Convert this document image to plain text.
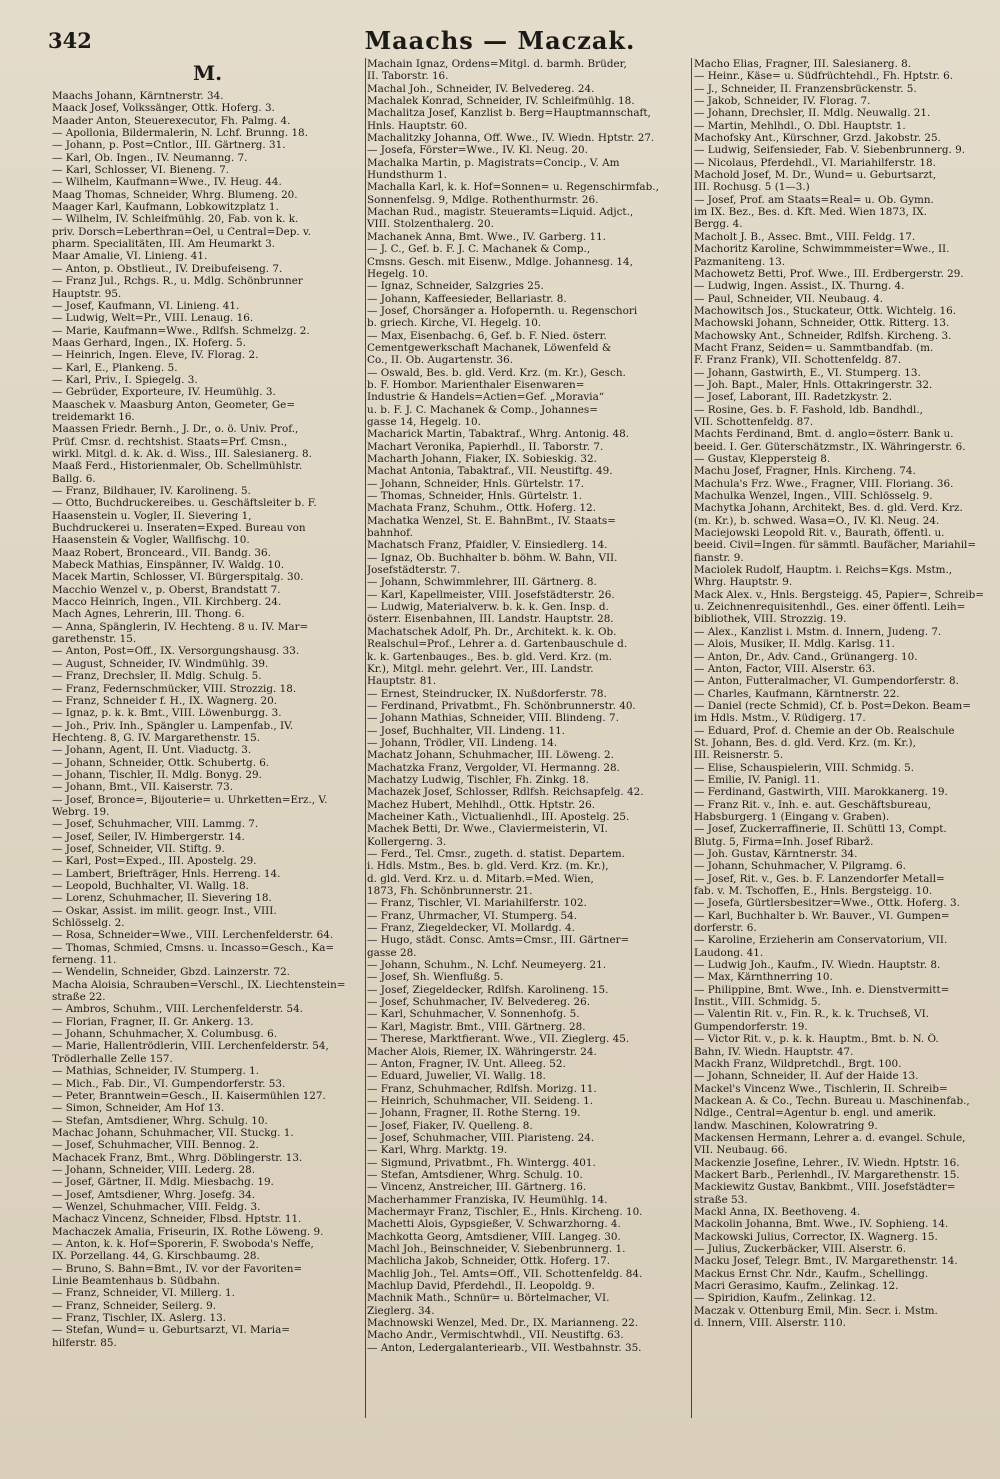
342	Maachs — Maczak.
M.
Maachs Johann, Kärntnerstr. 34.
Maack Josef, Volkssänger, Ottk. Hoferg. 3.
Maader Anton, Steuerexecutor, Fh. Palmg. 4.
— Apollonia, Bildermalerin, N. Lchf. Brunng. 18.
— Johann, p. Post=Cntlor., III. Gärtnerg. 31.
— Karl, Ob. Ingen., IV. Neumanng. 7.
— Karl, Schlosser, VI. Bieneng. 7.
— Wilhelm, Kaufmann=Wwe., IV. Heug. 44.
Maag Thomas, Schneider, Whrg. Blumeng. 20.
Maager Karl, Kaufmann, Lobkowitzplatz 1.
— Wilhelm, IV. Schleifmühlg. 20, Fab. von k. k.
priv. Dorsch=Leberthran=Oel, u Central=Dep. v.
pharm. Specialitäten, III. Am Heumarkt 3.
Maar Amalie, VI. Linieng. 41.
— Anton, p. Obstlieut., IV. Dreibufeiseng. 7.
— Franz Jul., Rchgs. R., u. Mdlg. Schönbrunner
Hauptstr. 95.
— Josef, Kaufmann, VI. Linieng. 41.
— Ludwig, Welt=Pr., VIII. Lenaug. 16.
— Marie, Kaufmann=Wwe., Rdlfsh. Schmelzg. 2.
Maas Gerhard, Ingen., IX. Hoferg. 5.
— Heinrich, Ingen. Eleve, IV. Florag. 2.
— Karl, E., Plankeng. 5.
— Karl, Priv., I. Spiegelg. 3.
— Gebrüder, Exporteure, IV. Heumühlg. 3.
Maaschek v. Maasburg Anton, Geometer, Ge=
treidemarkt 16.
Maassen Friedr. Bernh., J. Dr., o. ö. Univ. Prof.,
Prüf. Cmsr. d. rechtshist. Staats=Prf. Cmsn.,
wirkl. Mitgl. d. k. Ak. d. Wiss., III. Salesianerg. 8.
Maaß Ferd., Historienmaler, Ob. Schellmühlstr.
Ballg. 6.
— Franz, Bildhauer, IV. Karolineng. 5.
— Otto, Buchdruckereibes. u. Geschäftsleiter b. F.
Haasenstein u. Vogler, II. Sievering 1,
Buchdruckerei u. Inseraten=Exped. Bureau von
Haasenstein & Vogler, Wallfischg. 10.
Maaz Robert, Bronceard., VII. Bandg. 36.
Mabeck Mathias, Einspänner, IV. Waldg. 10.
Macek Martin, Schlosser, VI. Bürgerspitalg. 30.
Macchio Wenzel v., p. Oberst, Brandstatt 7.
Macco Heinrich, Ingen., VII. Kirchberg. 24.
Mach Agnes, Lehrerin, III. Thong. 6.
— Anna, Spänglerin, IV. Hechteng. 8 u. IV. Mar=
garethenstr. 15.
— Anton, Post=Off., IX. Versorgungshausg. 33.
— August, Schneider, IV. Windmühlg. 39.
— Franz, Drechsler, II. Mdlg. Schulg. 5.
— Franz, Federnschmücker, VIII. Strozzig. 18.
— Franz, Schneider f. H., IX. Wagnerg. 20.
— Ignaz, p. k. k. Bmt., VIII. Löwenburgg. 3.
— Joh., Priv. Inh., Spängler u. Lampenfab., IV.
Hechteng. 8, G. IV. Margarethenstr. 15.
— Johann, Agent, II. Unt. Viaductg. 3.
— Johann, Schneider, Ottk. Schubertg. 6.
— Johann, Tischler, II. Mdlg. Bonyg. 29.
— Johann, Bmt., VII. Kaiserstr. 73.
— Josef, Bronce=, Bijouterie= u. Uhrketten=Erz., V.
Webrg. 19.
— Josef, Schuhmacher, VIII. Lammg. 7.
— Josef, Seiler, IV. Himbergerstr. 14.
— Josef, Schneider, VII. Stiftg. 9.
— Karl, Post=Exped., III. Apostelg. 29.
— Lambert, Briefträger, Hnls. Herreng. 14.
— Leopold, Buchhalter, VI. Wallg. 18.
— Lorenz, Schuhmacher, II. Sievering 18.
— Oskar, Assist. im milit. geogr. Inst., VIII.
Schlösselg. 2.
— Rosa, Schneider=Wwe., VIII. Lerchenfelderstr. 64.
— Thomas, Schmied, Cmsns. u. Incasso=Gesch., Ka=
ferneng. 11.
— Wendelin, Schneider, Gbzd. Lainzerstr. 72.
Macha Aloisia, Schrauben=Verschl., IX. Liechtenstein=
straße 22.
— Ambros, Schuhm., VIII. Lerchenfelderstr. 54.
— Florian, Fragner, II. Gr. Ankerg. 13.
— Johann, Schuhmacher, X. Columbusg. 6.
— Marie, Hallentrödlerin, VIII. Lerchenfelderstr. 54,
Trödlerhalle Zelle 157.
— Mathias, Schneider, IV. Stumperg. 1.
— Mich., Fab. Dir., VI. Gumpendorferstr. 53.
— Peter, Branntwein=Gesch., II. Kaisermühlen 127.
— Simon, Schneider, Am Hof 13.
— Stefan, Amtsdiener, Whrg. Schulg. 10.
Machac Johann, Schuhmacher, VII. Stuckg. 1.
— Josef, Schuhmacher, VIII. Bennog. 2.
Machacek Franz, Bmt., Whrg. Döblingerstr. 13.
— Johann, Schneider, VIII. Lederg. 28.
— Josef, Gärtner, II. Mdlg. Miesbachg. 19.
— Josef, Amtsdiener, Whrg. Josefg. 34.
— Wenzel, Schuhmacher, VIII. Feldg. 3.
Machacz Vincenz, Schneider, Flbsd. Hptstr. 11.
Machaczek Amalia, Friseurin, IX. Rothe Löweng. 9.
— Anton, k. k. Hof=Sporerin, F. Swoboda's Neffe,
IX. Porzellang. 44, G. Kirschbaumg. 28.
— Bruno, S. Bahn=Bmt., IV. vor der Favoriten=
Linie Beamtenhaus b. Südbahn.
— Franz, Schneider, VI. Millerg. 1.
— Franz, Schneider, Seilerg. 9.
— Franz, Tischler, IX. Aslerg. 13.
— Stefan, Wund= u. Geburtsarzt, VI. Maria=
hilferstr. 85.
Machain Ignaz, Ordens=Mitgl. d. barmh. Brüder,
II. Taborstr. 16.
Machal Joh., Schneider, IV. Belvedereg. 24.
Machalek Konrad, Schneider, IV. Schleifmühlg. 18.
Machalitza Josef, Kanzlist b. Berg=Hauptmannschaft,
Hnls. Hauptstr. 60.
Machalitzky Johanna, Off. Wwe., IV. Wiedn. Hptstr. 27.
— Josefa, Förster=Wwe., IV. Kl. Neug. 20.
Machalka Martin, p. Magistrats=Concip., V. Am
Hundsthurm 1.
Machalla Karl, k. k. Hof=Sonnen= u. Regenschirmfab.,
Sonnenfelsg. 9, Mdlge. Rothenthurmstr. 26.
Machan Rud., magistr. Steueramts=Liquid. Adjct.,
VIII. Stolzenthalerg. 20.
Machanek Anna, Bmt. Wwe., IV. Garberg. 11.
— J. C., Gef. b. F. J. C. Machanek & Comp.,
Cmsns. Gesch. mit Eisenw., Mdlge. Johannesg. 14,
Hegelg. 10.
— Ignaz, Schneider, Salzgries 25.
— Johann, Kaffeesieder, Bellariastr. 8.
— Josef, Chorsänger a. Hofopernth. u. Regenschori
b. griech. Kirche, VI. Hegelg. 10.
— Max, Eisenbachg. 6, Gef. b. F. Nied. österr.
Cementgewerkschaft Machanek, Löwenfeld &
Co., II. Ob. Augartenstr. 36.
— Oswald, Bes. b. gld. Verd. Krz. (m. Kr.), Gesch.
b. F. Hombor. Marienthaler Eisenwaren=
Industrie & Handels=Actien=Gef. „Moravia“
u. b. F. J. C. Machanek & Comp., Johannes=
gasse 14, Hegelg. 10.
Macharick Martin, Tabaktraf., Whrg. Antonig. 48.
Machart Veronika, Papierhdl., II. Taborstr. 7.
Macharth Johann, Fiaker, IX. Sobieskig. 32.
Machat Antonia, Tabaktraf., VII. Neustiftg. 49.
— Johann, Schneider, Hnls. Gürtelstr. 17.
— Thomas, Schneider, Hnls. Gürtelstr. 1.
Machata Franz, Schuhm., Ottk. Hoferg. 12.
Machatka Wenzel, St. E. BahnBmt., IV. Staats=
bahnhof.
Machatsch Franz, Pfaidler, V. Einsiedlerg. 14.
— Ignaz, Ob. Buchhalter b. böhm. W. Bahn, VII.
Josefstädterstr. 7.
— Johann, Schwimmlehrer, III. Gärtnerg. 8.
— Karl, Kapellmeister, VIII. Josefstädterstr. 26.
— Ludwig, Materialverw. b. k. k. Gen. Insp. d.
österr. Eisenbahnen, III. Landstr. Hauptstr. 28.
Machatschek Adolf, Ph. Dr., Architekt. k. k. Ob.
Realschul=Prof., Lehrer a. d. Gartenbauschule d.
k. k. Gartenbauges., Bes. b. gld. Verd. Krz. (m.
Kr.), Mitgl. mehr. gelehrt. Ver., III. Landstr.
Hauptstr. 81.
— Ernest, Steindrucker, IX. Nußdorferstr. 78.
— Ferdinand, Privatbmt., Fh. Schönbrunnerstr. 40.
— Johann Mathias, Schneider, VIII. Blindeng. 7.
— Josef, Buchhalter, VII. Lindeng. 11.
— Johann, Trödler, VII. Lindeng. 14.
Machatz Johann, Schuhmacher, III. Löweng. 2.
Machatzka Franz, Vergolder, VI. Hermanng. 28.
Machatzy Ludwig, Tischler, Fh. Zinkg. 18.
Machazek Josef, Schlosser, Rdlfsh. Reichsapfelg. 42.
Machez Hubert, Mehlhdl., Ottk. Hptstr. 26.
Macheiner Kath., Victualienhdl., III. Apostelg. 25.
Machek Betti, Dr. Wwe., Claviermeisterin, VI.
Kollergerng. 3.
— Ferd., Tel. Cmsr., zugeth. d. statist. Departem.
i. Hdls. Mstm., Bes. b. gld. Verd. Krz. (m. Kr.),
d. gld. Verd. Krz. u. d. Mitarb.=Med. Wien,
1873, Fh. Schönbrunnerstr. 21.
— Franz, Tischler, VI. Mariahilferstr. 102.
— Franz, Uhrmacher, VI. Stumperg. 54.
— Franz, Ziegeldecker, VI. Mollardg. 4.
— Hugo, städt. Consc. Amts=Cmsr., III. Gärtner=
gasse 28.
— Johann, Schuhm., N. Lchf. Neumeyerg. 21.
— Josef, Sh. Wienflußg. 5.
— Josef, Ziegeldecker, Rdlfsh. Karolineng. 15.
— Josef, Schuhmacher, IV. Belvedereg. 26.
— Karl, Schuhmacher, V. Sonnenhofg. 5.
— Karl, Magistr. Bmt., VIII. Gärtnerg. 28.
— Therese, Marktfierant. Wwe., VII. Zieglerg. 45.
Macher Alois, Riemer, IX. Währingerstr. 24.
— Anton, Fragner, IV. Unt. Alleeg. 52.
— Eduard, Juwelier, VI. Wallg. 18.
— Franz, Schuhmacher, Rdlfsh. Morizg. 11.
— Heinrich, Schuhmacher, VII. Seideng. 1.
— Johann, Fragner, II. Rothe Sterng. 19.
— Josef, Fiaker, IV. Quelleng. 8.
— Josef, Schuhmacher, VIII. Piaristeng. 24.
— Karl, Whrg. Marktg. 19.
— Sigmund, Privatbmt., Fh. Wintergg. 401.
— Stefan, Amtsdiener, Whrg. Schulg. 10.
— Vincenz, Anstreicher, III. Gärtnerg. 16.
Macherhammer Franziska, IV. Heumühlg. 14.
Machermayr Franz, Tischler, E., Hnls. Kircheng. 10.
Machetti Alois, Gypsgießer, V. Schwarzhorng. 4.
Machkotta Georg, Amtsdiener, VIII. Langeg. 30.
Machl Joh., Beinschneider, V. Siebenbrunnerg. 1.
Machlicha Jakob, Schneider, Ottk. Hoferg. 17.
Machlig Joh., Tel. Amts=Off., VII. Schottenfeldg. 84.
Machlup David, Pferdehdl., II. Leopoldg. 9.
Machnik Math., Schnür= u. Börtelmacher, VI.
Zieglerg. 34.
Machnowski Wenzel, Med. Dr., IX. Marianneng. 22.
Macho Andr., Vermischtwhdl., VII. Neustiftg. 63.
— Anton, Ledergalanteriearb., VII. Westbahnstr. 35.
Macho Elias, Fragner, III. Salesianerg. 8.
— Heinr., Käse= u. Südfrüchtehdl., Fh. Hptstr. 6.
— J., Schneider, II. Franzensbrückenstr. 5.
— Jakob, Schneider, IV. Florag. 7.
— Johann, Drechsler, II. Mdlg. Neuwallg. 21.
— Martin, Mehlhdl., O. Dbl. Hauptstr. 1.
Machofsky Ant., Kürschner, Grzd. Jakobstr. 25.
— Ludwig, Seifensieder, Fab. V. Siebenbrunnerg. 9.
— Nicolaus, Pferdehdl., VI. Mariahilferstr. 18.
Machold Josef, M. Dr., Wund= u. Geburtsarzt,
III. Rochusg. 5 (1—3.)
— Josef, Prof. am Staats=Real= u. Ob. Gymn.
im IX. Bez., Bes. d. Kft. Med. Wien 1873, IX.
Bergg. 4.
Macholt J. B., Assec. Bmt., VIII. Feldg. 17.
Machoritz Karoline, Schwimmmeister=Wwe., II.
Pazmaniteng. 13.
Machowetz Betti, Prof. Wwe., III. Erdbergerstr. 29.
— Ludwig, Ingen. Assist., IX. Thurng. 4.
— Paul, Schneider, VII. Neubaug. 4.
Machowitsch Jos., Stuckateur, Ottk. Wichtelg. 16.
Machowski Johann, Schneider, Ottk. Ritterg. 13.
Machowsky Ant., Schneider, Rdlfsh. Kircheng. 3.
Macht Franz, Seiden= u. Sammtbandfab. (m.
F. Franz Frank), VII. Schottenfeldg. 87.
— Johann, Gastwirth, E., VI. Stumperg. 13.
— Joh. Bapt., Maler, Hnls. Ottakringerstr. 32.
— Josef, Laborant, III. Radetzkystr. 2.
— Rosine, Ges. b. F. Fashold, ldb. Bandhdl.,
VII. Schottenfeldg. 87.
Machts Ferdinand, Bmt. d. anglo=österr. Bank u.
beeid. I. Ger. Güterschätzmstr., IX. Währingerstr. 6.
— Gustav, Kleppersteig 8.
Machu Josef, Fragner, Hnls. Kircheng. 74.
Machula's Frz. Wwe., Fragner, VIII. Floriang. 36.
Machulka Wenzel, Ingen., VIII. Schlösselg. 9.
Machytka Johann, Architekt, Bes. d. gld. Verd. Krz.
(m. Kr.), b. schwed. Wasa=O., IV. Kl. Neug. 24.
Maciejowski Leopold Rit. v., Baurath, öffentl. u.
beeid. Civil=Ingen. für sämmtl. Baufächer, Mariahil=
fianstr. 9.
Maciolek Rudolf, Hauptm. i. Reichs=Kgs. Mstm.,
Whrg. Hauptstr. 9.
Mack Alex. v., Hnls. Bergsteigg. 45, Papier=, Schreib=
u. Zeichnenrequisitenhdl., Ges. einer öffentl. Leih=
bibliothek, VIII. Strozzig. 19.
— Alex., Kanzlist i. Mstm. d. Innern, Judeng. 7.
— Alois, Musiker, II. Mdlg. Karlsg. 11.
— Anton, Dr., Adv. Cand., Grünangerg. 10.
— Anton, Factor, VIII. Alserstr. 63.
— Anton, Futteralmacher, VI. Gumpendorferstr. 8.
— Charles, Kaufmann, Kärntnerstr. 22.
— Daniel (recte Schmid), Cf. b. Post=Dekon. Beam=
im Hdls. Mstm., V. Rüdigerg. 17.
— Eduard, Prof. d. Chemie an der Ob. Realschule
St. Johann, Bes. d. gld. Verd. Krz. (m. Kr.),
III. Reisnerstr. 5.
— Elise, Schauspielerin, VIII. Schmidg. 5.
— Emilie, IV. Panigl. 11.
— Ferdinand, Gastwirth, VIII. Marokkanerg. 19.
— Franz Rit. v., Inh. e. aut. Geschäftsbureau,
Habsburgerg. 1 (Eingang v. Graben).
— Josef, Zuckerraffinerie, II. Schüttl 13, Compt.
Blutg. 5, Firma=Inh. Josef Ribarž.
— Joh. Gustav, Kärntnerstr. 34.
— Johann, Schuhmacher, V. Pilgramg. 6.
— Josef, Rit. v., Ges. b. F. Lanzendorfer Metall=
fab. v. M. Tschoffen, E., Hnls. Bergsteigg. 10.
— Josefa, Gürtlersbesitzer=Wwe., Ottk. Hoferg. 3.
— Karl, Buchhalter b. Wr. Bauver., VI. Gumpen=
dorferstr. 6.
— Karoline, Erzieherin am Conservatorium, VII.
Laudong. 41.
— Ludwig Joh., Kaufm., IV. Wiedn. Hauptstr. 8.
— Max, Kärnthnerring 10.
— Philippine, Bmt. Wwe., Inh. e. Dienstvermitt=
Instit., VIII. Schmidg. 5.
— Valentin Rit. v., Fin. R., k. k. Truchseß, VI.
Gumpendorferstr. 19.
— Victor Rit. v., p. k. k. Hauptm., Bmt. b. N. Ö.
Bahn, IV. Wiedn. Hauptstr. 47.
Mackh Franz, Wildpretchdl., Brgt. 100.
— Johann, Schneider, II. Auf der Haide 13.
Mackel's Vincenz Wwe., Tischlerin, II. Schreib=
Mackean A. & Co., Techn. Bureau u. Maschinenfab.,
Ndlge., Central=Agentur b. engl. und amerik.
landw. Maschinen, Kolowratring 9.
Mackensen Hermann, Lehrer a. d. evangel. Schule,
VII. Neubaug. 66.
Mackenzie Josefine, Lehrer., IV. Wiedn. Hptstr. 16.
Mackert Barb., Perlenhdl., IV. Margarethenstr. 15.
Mackiewitz Gustav, Bankbmt., VIII. Josefstädter=
straße 53.
Mackl Anna, IX. Beethoveng. 4.
Mackolin Johanna, Bmt. Wwe., IV. Sophieng. 14.
Mackowski Julius, Corrector, IX. Wagnerg. 15.
— Julius, Zuckerbäcker, VIII. Alserstr. 6.
Macku Josef, Telegr. Bmt., IV. Margarethenstr. 14.
Mackus Ernst Chr. Ndr., Kaufm., Schellingg.
Macri Gerasimo, Kaufm., Zelinkag. 12.
— Spiridion, Kaufm., Zelinkag. 12.
Maczak v. Ottenburg Emil, Min. Secr. i. Mstm.
d. Innern, VIII. Alserstr. 110.
